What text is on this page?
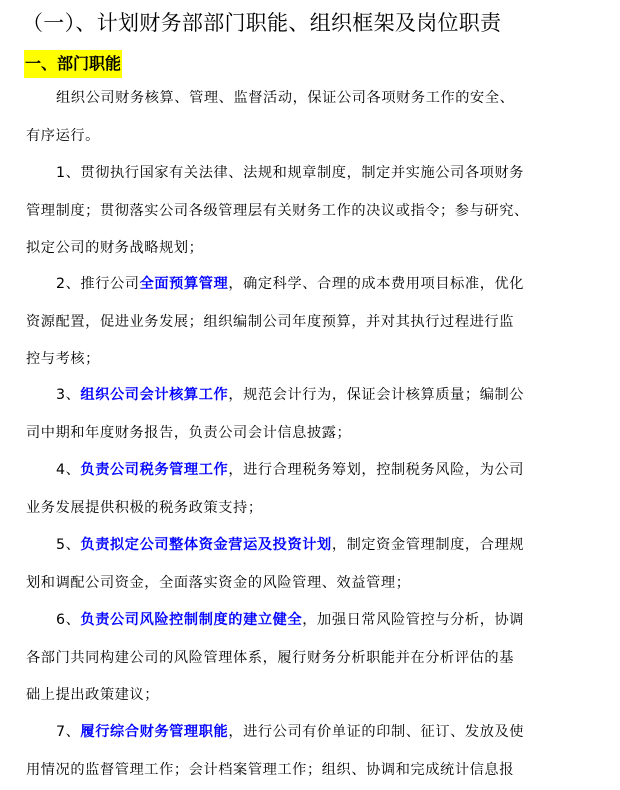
（一）、计划财务部部门职能、组织框架及岗位职责
一、部门职能
组织公司财务核算、管理、监督活动，保证公司各项财务工作的安全、
有序运行。
1、贯彻执行国家有关法律、法规和规章制度，制定并实施公司各项财务
管理制度；贯彻落实公司各级管理层有关财务工作的决议或指令；参与研究、
拟定公司的财务战略规划；
2、推行公司全面预算管理，确定科学、合理的成本费用项目标准，优化
资源配置，促进业务发展；组织编制公司年度预算，并对其执行过程进行监
控与考核；
3、组织公司会计核算工作，规范会计行为，保证会计核算质量；编制公
司中期和年度财务报告，负责公司会计信息披露；
4、负责公司税务管理工作，进行合理税务筹划，控制税务风险，为公司
业务发展提供积极的税务政策支持；
5、负责拟定公司整体资金营运及投资计划，制定资金管理制度，合理规
划和调配公司资金，全面落实资金的风险管理、效益管理；
6、负责公司风险控制制度的建立健全，加强日常风险管控与分析，协调
各部门共同构建公司的风险管理体系，履行财务分析职能并在分析评估的基
础上提出政策建议；
7、履行综合财务管理职能，进行公司有价单证的印制、征订、发放及使
用情况的监督管理工作；会计档案管理工作；组织、协调和完成统计信息报
